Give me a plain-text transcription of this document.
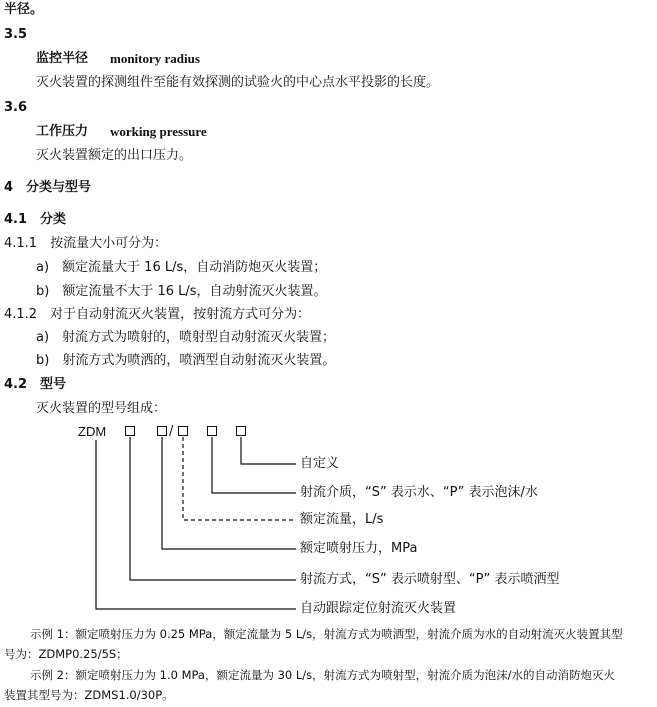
半径。
3.5
监控半径 monitory radius
灭火装置的探测组件至能有效探测的试验火的中心点水平投影的长度。
3.6
工作压力 working pressure
灭火装置额定的出口压力。
4　分类与型号
4.1　分类
4.1.1　按流量大小可分为：
a)　额定流量大于 16 L/s，自动消防炮灭火装置；
b)　额定流量不大于 16 L/s，自动射流灭火装置。
4.1.2　对于自动射流灭火装置，按射流方式可分为：
a)　射流方式为喷射的，喷射型自动射流灭火装置；
b)　射流方式为喷洒的，喷洒型自动射流灭火装置。
4.2　型号
灭火装置的型号组成：
ZDM	/
自定义
射流介质，“S” 表示水、“P” 表示泡沫/水
额定流量，L/s
额定喷射压力，MPa
射流方式，“S” 表示喷射型、“P” 表示喷洒型
自动跟踪定位射流灭火装置
示例 1：额定喷射压力为 0.25 MPa，额定流量为 5 L/s，射流方式为喷洒型，射流介质为水的自动射流灭火装置其型
号为：ZDMP0.25/5S；
示例 2：额定喷射压力为 1.0 MPa，额定流量为 30 L/s，射流方式为喷射型，射流介质为泡沫/水的自动消防炮灭火
装置其型号为：ZDMS1.0/30P。
